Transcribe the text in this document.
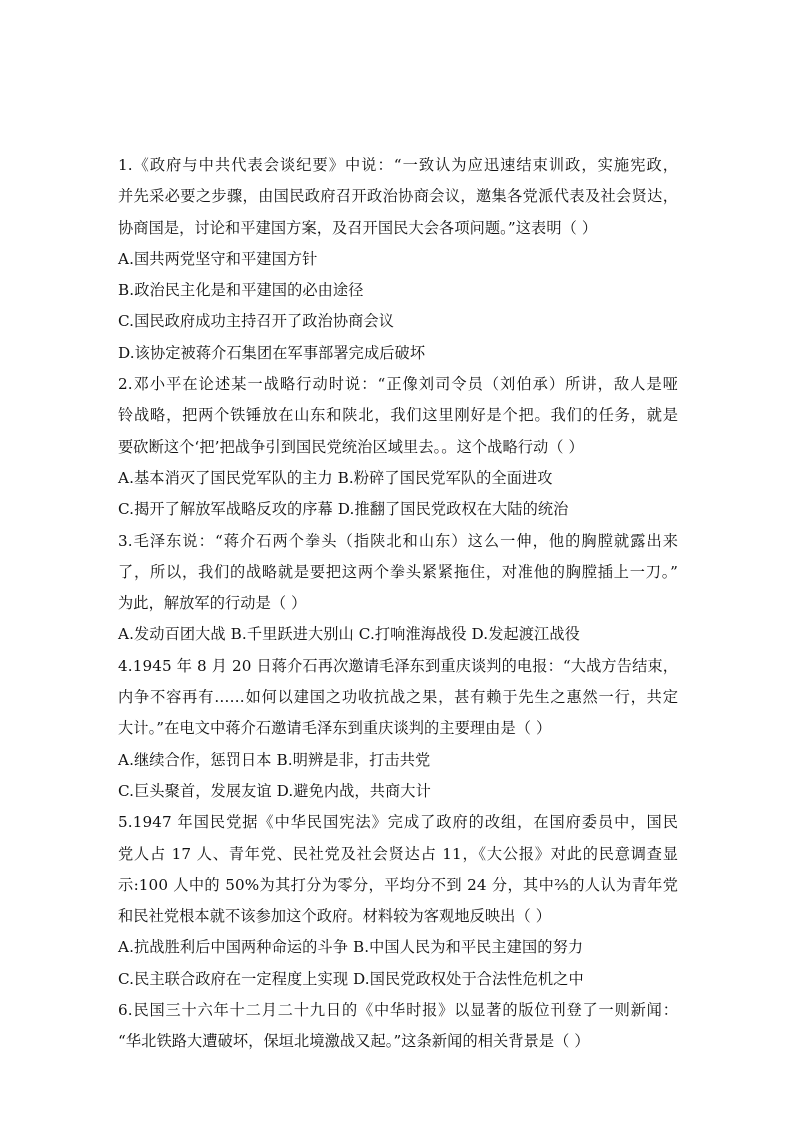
1.《政府与中共代表会谈纪要》中说：“一致认为应迅速结束训政，实施宪政，
并先采必要之步骤，由国民政府召开政治协商会议，邀集各党派代表及社会贤达，
协商国是，讨论和平建国方案，及召开国民大会各项问题。”这表明（ ）
A.国共两党坚守和平建国方针
B.政治民主化是和平建国的必由途径
C.国民政府成功主持召开了政治协商会议
D.该协定被蒋介石集团在军事部署完成后破坏
2.邓小平在论述某一战略行动时说：“正像刘司令员（刘伯承）所讲，敌人是哑
铃战略，把两个铁锤放在山东和陕北，我们这里刚好是个把。我们的任务，就是
要砍断这个‘把’把战争引到国民党统治区域里去。。这个战略行动（ ）
A.基本消灭了国民党军队的主力 B.粉碎了国民党军队的全面进攻
C.揭开了解放军战略反攻的序幕 D.推翻了国民党政权在大陆的统治
3.毛泽东说：“蒋介石两个拳头（指陕北和山东）这么一伸，他的胸膛就露出来
了，所以，我们的战略就是要把这两个拳头紧紧拖住，对准他的胸膛插上一刀。”
为此，解放军的行动是（ ）
A.发动百团大战 B.千里跃进大别山 C.打响淮海战役 D.发起渡江战役
4.1945 年 8 月 20 日蒋介石再次邀请毛泽东到重庆谈判的电报：“大战方告结束，
内争不容再有……如何以建国之功收抗战之果，甚有赖于先生之惠然一行，共定
大计。”在电文中蒋介石邀请毛泽东到重庆谈判的主要理由是（ ）
A.继续合作，惩罚日本 B.明辨是非，打击共党
C.巨头聚首，发展友谊 D.避免内战，共商大计
5.1947 年国民党据《中华民国宪法》完成了政府的改组，在国府委员中，国民
党人占 17 人、青年党、民社党及社会贤达占 11，《大公报》对此的民意调查显
示:100 人中的 50%为其打分为零分，平均分不到 24 分，其中⅔的人认为青年党
和民社党根本就不该参加这个政府。材料较为客观地反映出（ ）
A.抗战胜利后中国两种命运的斗争 B.中国人民为和平民主建国的努力
C.民主联合政府在一定程度上实现 D.国民党政权处于合法性危机之中
6.民国三十六年十二月二十九日的《中华时报》以显著的版位刊登了一则新闻：
“华北铁路大遭破坏，保垣北境激战又起。”这条新闻的相关背景是（ ）
